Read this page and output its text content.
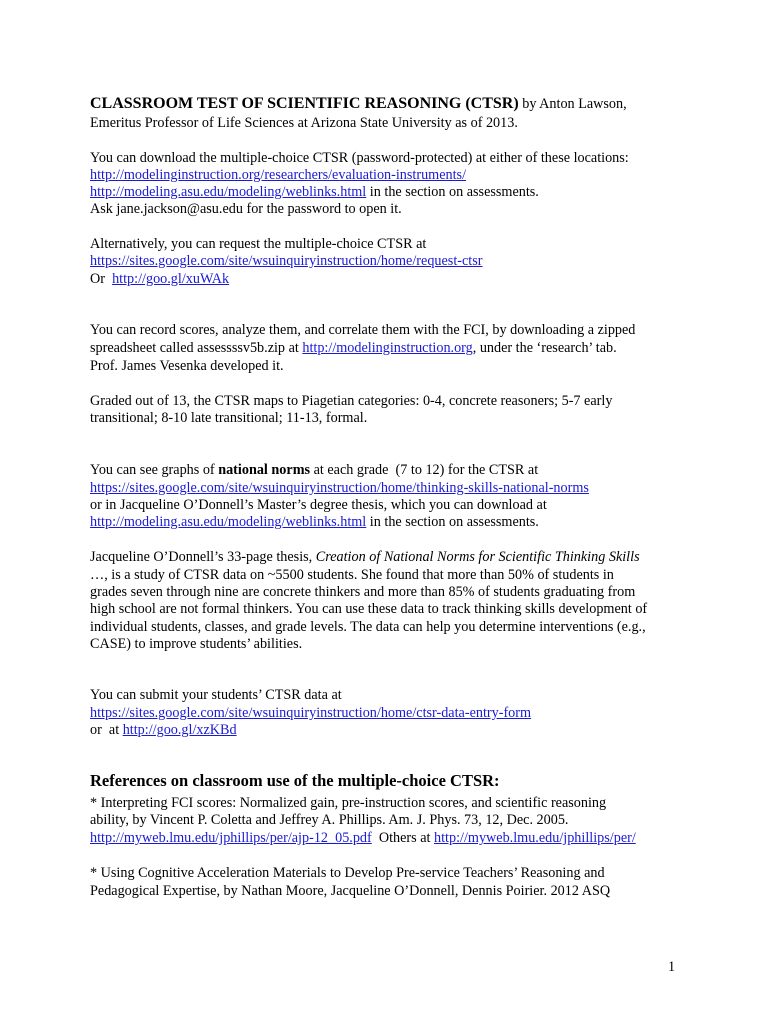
CLASSROOM TEST OF SCIENTIFIC REASONING (CTSR) by Anton Lawson,

Emeritus Professor of Life Sciences at Arizona State University as of 2013.

You can download the multiple-choice CTSR (password-protected) at either of these locations:

http://modelinginstruction.org/researchers/evaluation-instruments/

http://modeling.asu.edu/modeling/weblinks.html in the section on assessments.

Ask jane.jackson@asu.edu for the password to open it.

Alternatively, you can request the multiple-choice CTSR at

https://sites.google.com/site/wsuinquiryinstruction/home/request-ctsr

Or  http://goo.gl/xuWAk

You can record scores, analyze them, and correlate them with the FCI, by downloading a zipped

spreadsheet called assessssv5b.zip at http://modelinginstruction.org, under the ‘research’ tab.

Prof. James Vesenka developed it.

Graded out of 13, the CTSR maps to Piagetian categories: 0-4, concrete reasoners; 5-7 early

transitional; 8-10 late transitional; 11-13, formal.

You can see graphs of national norms at each grade  (7 to 12) for the CTSR at

https://sites.google.com/site/wsuinquiryinstruction/home/thinking-skills-national-norms

or in Jacqueline O’Donnell’s Master’s degree thesis, which you can download at

http://modeling.asu.edu/modeling/weblinks.html in the section on assessments.

Jacqueline O’Donnell’s 33-page thesis, Creation of National Norms for Scientific Thinking Skills

…, is a study of CTSR data on ~5500 students. She found that more than 50% of students in

grades seven through nine are concrete thinkers and more than 85% of students graduating from

high school are not formal thinkers. You can use these data to track thinking skills development of

individual students, classes, and grade levels. The data can help you determine interventions (e.g.,

CASE) to improve students’ abilities.

You can submit your students’ CTSR data at

https://sites.google.com/site/wsuinquiryinstruction/home/ctsr-data-entry-form

or  at http://goo.gl/xzKBd

References on classroom use of the multiple-choice CTSR:

* Interpreting FCI scores: Normalized gain, pre-instruction scores, and scientific reasoning

ability, by Vincent P. Coletta and Jeffrey A. Phillips. Am. J. Phys. 73, 12, Dec. 2005.

http://myweb.lmu.edu/jphillips/per/ajp-12_05.pdf  Others at http://myweb.lmu.edu/jphillips/per/

* Using Cognitive Acceleration Materials to Develop Pre-service Teachers’ Reasoning and

Pedagogical Expertise, by Nathan Moore, Jacqueline O’Donnell, Dennis Poirier. 2012 ASQ

1
